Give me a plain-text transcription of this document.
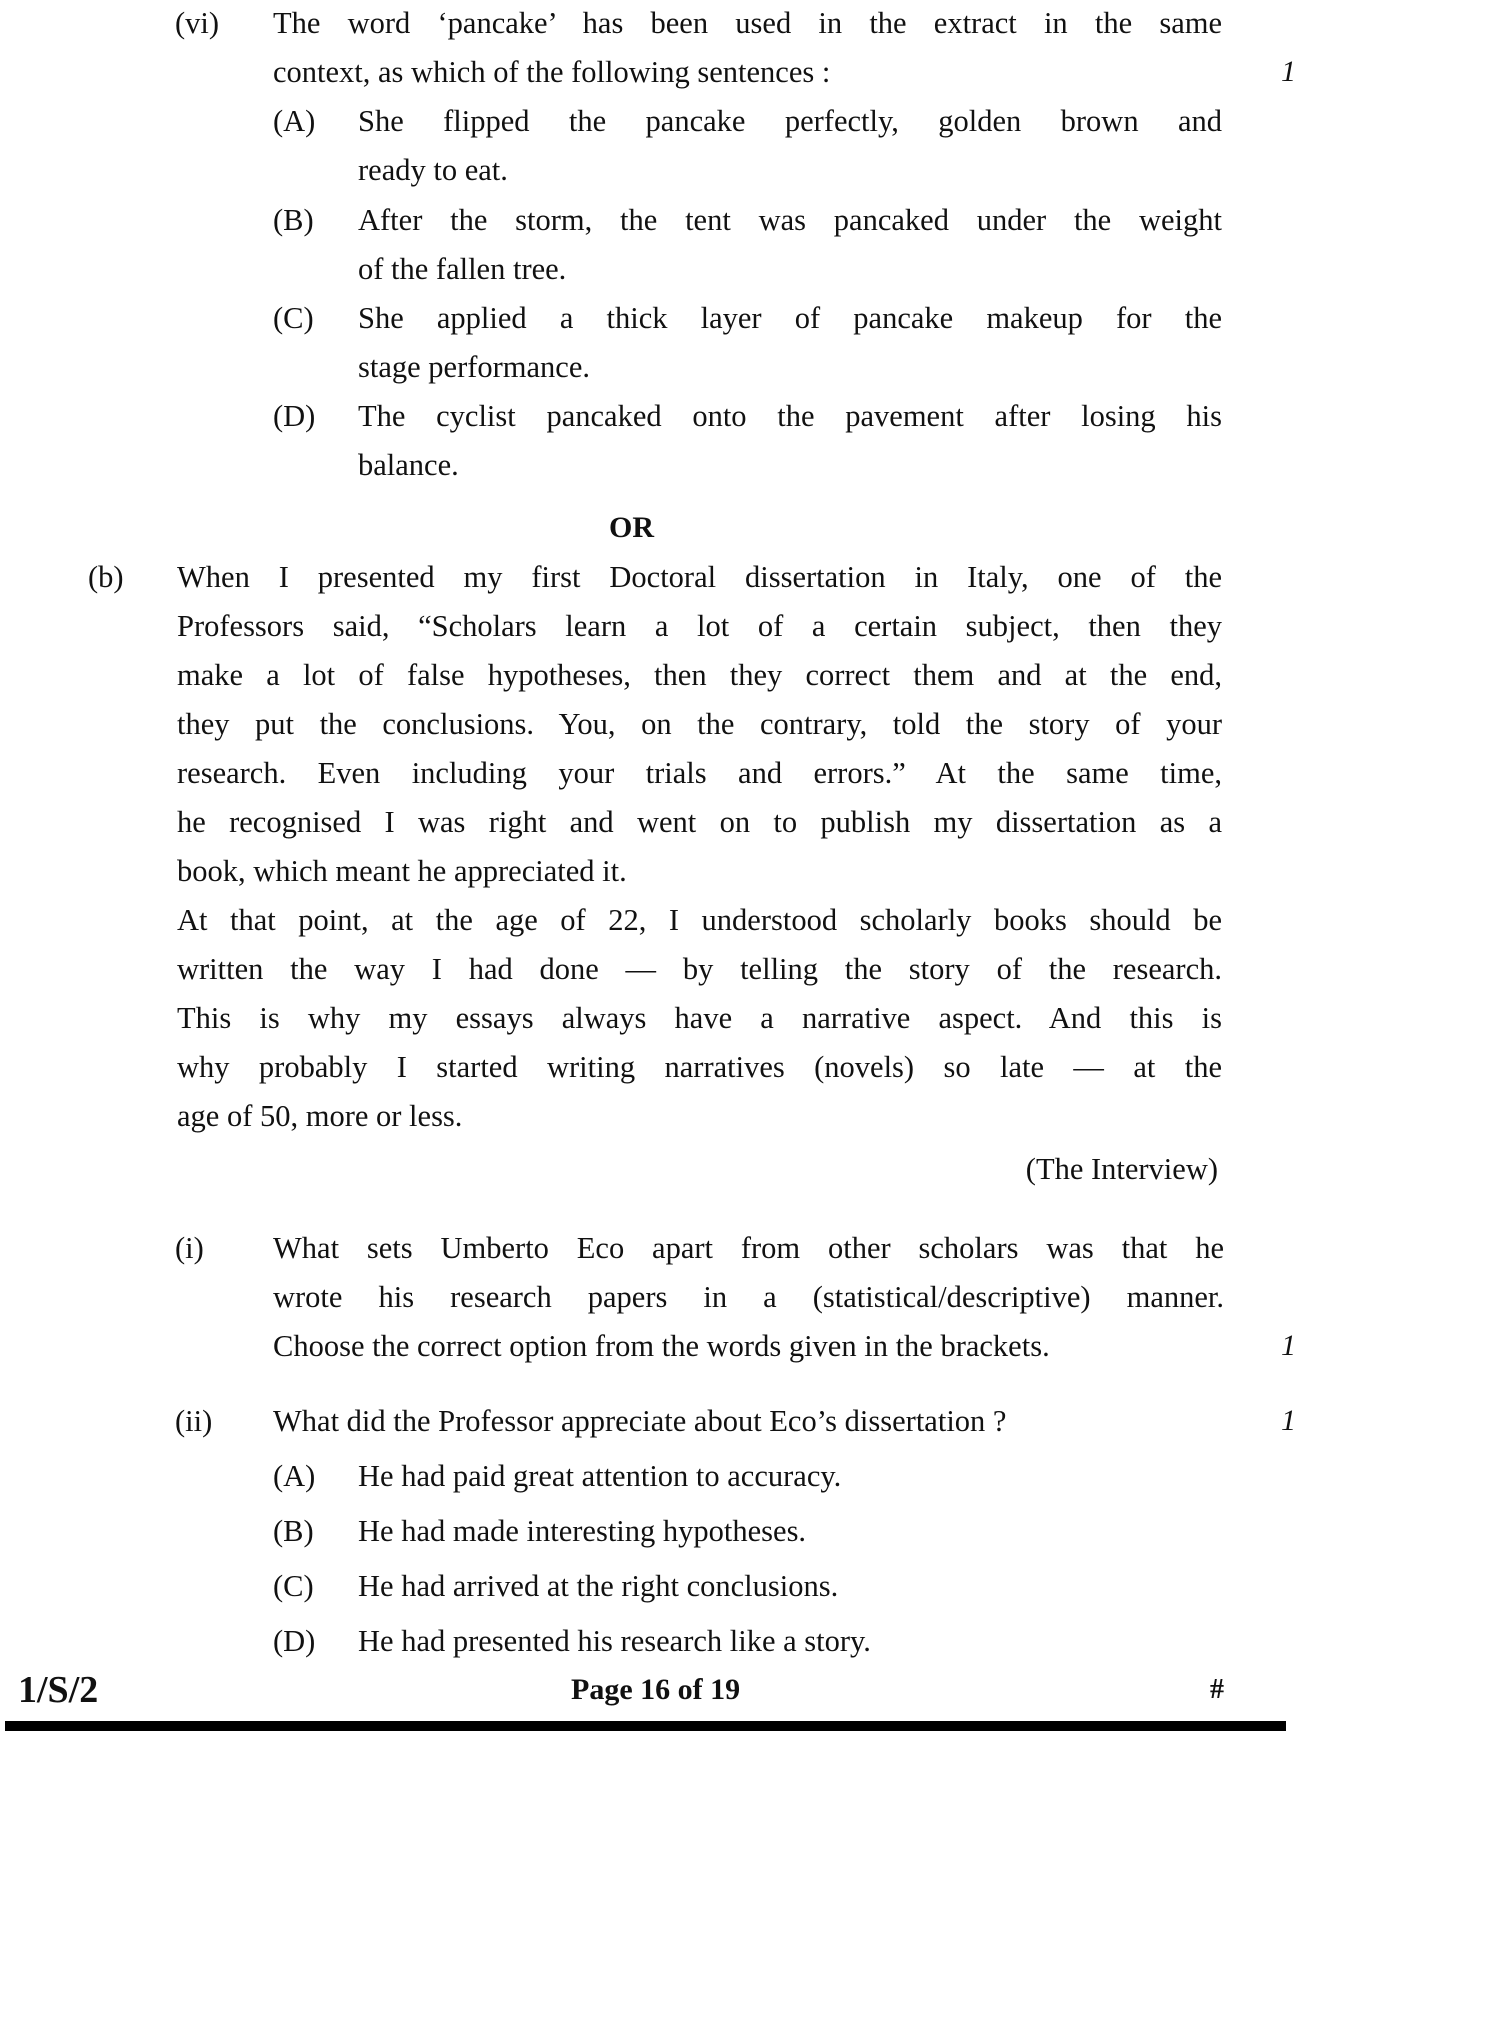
(vi) The word ‘pancake’ has been used in the extract in the same
context, as which of the following sentences :	1
(A) She flipped the pancake perfectly, golden brown and
ready to eat.
(B) After the storm, the tent was pancaked under the weight
of the fallen tree.
(C) She applied a thick layer of pancake makeup for the
stage performance.
(D) The cyclist pancaked onto the pavement after losing his
balance.
OR
(b) When I presented my first Doctoral dissertation in Italy, one of the
Professors said, “Scholars learn a lot of a certain subject, then they
make a lot of false hypotheses, then they correct them and at the end,
they put the conclusions. You, on the contrary, told the story of your
research. Even including your trials and errors.” At the same time,
he recognised I was right and went on to publish my dissertation as a
book, which meant he appreciated it.
At that point, at the age of 22, I understood scholarly books should be
written the way I had done — by telling the story of the research.
This is why my essays always have a narrative aspect. And this is
why probably I started writing narratives (novels) so late — at the
age of 50, more or less.
(The Interview)
(i) What sets Umberto Eco apart from other scholars was that he
wrote his research papers in a (statistical/descriptive) manner.
Choose the correct option from the words given in the brackets.	1
(ii) What did the Professor appreciate about Eco’s dissertation ?	1
(A) He had paid great attention to accuracy.
(B) He had made interesting hypotheses.
(C) He had arrived at the right conclusions.
(D) He had presented his research like a story.
1/S/2	Page 16 of 19	#
